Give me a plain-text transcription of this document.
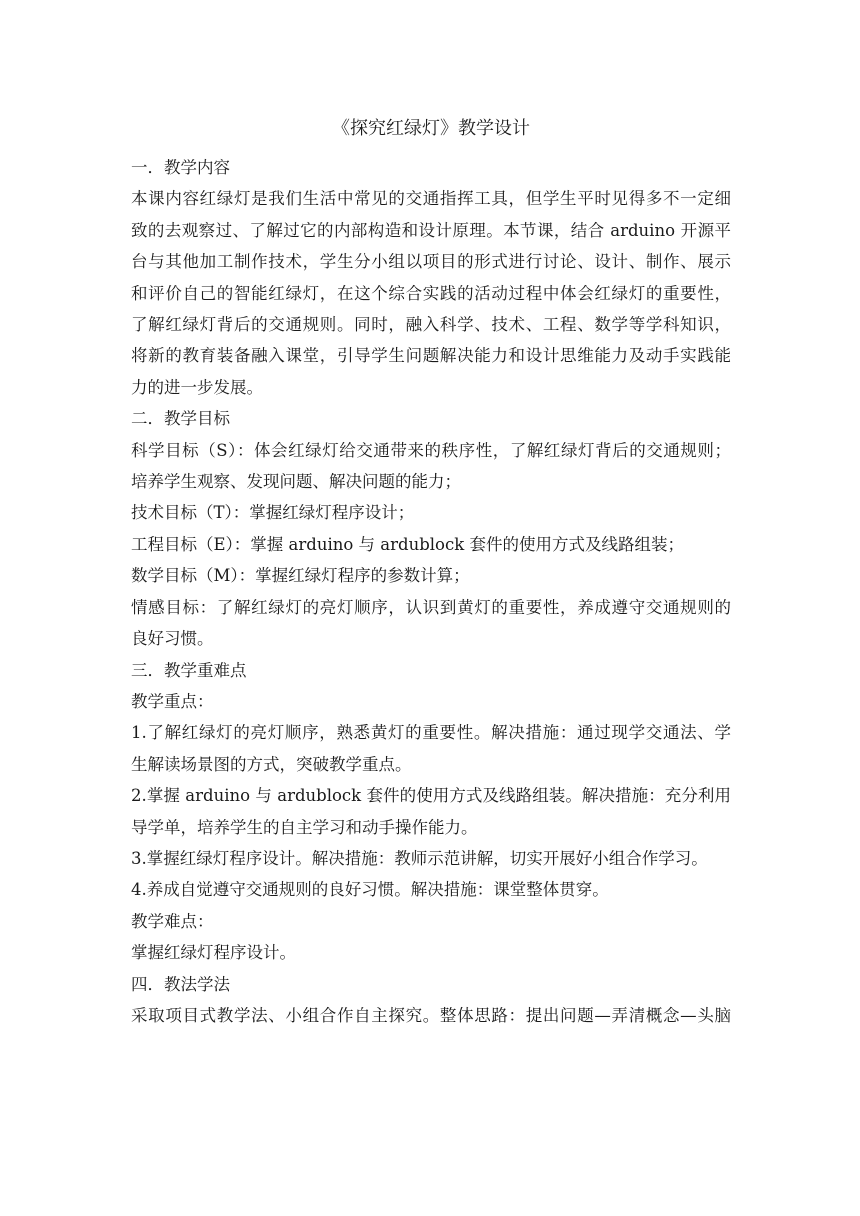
《探究红绿灯》教学设计
一．教学内容
本课内容红绿灯是我们生活中常见的交通指挥工具，但学生平时见得多不一定细
致的去观察过、了解过它的内部构造和设计原理。本节课，结合 arduino 开源平
台与其他加工制作技术，学生分小组以项目的形式进行讨论、设计、制作、展示
和评价自己的智能红绿灯，在这个综合实践的活动过程中体会红绿灯的重要性，
了解红绿灯背后的交通规则。同时，融入科学、技术、工程、数学等学科知识，
将新的教育装备融入课堂，引导学生问题解决能力和设计思维能力及动手实践能
力的进一步发展。
二．教学目标
科学目标（S）：体会红绿灯给交通带来的秩序性，了解红绿灯背后的交通规则；
培养学生观察、发现问题、解决问题的能力；
技术目标（T）：掌握红绿灯程序设计；
工程目标（E）：掌握 arduino 与 ardublock 套件的使用方式及线路组装；
数学目标（M）：掌握红绿灯程序的参数计算；
情感目标：了解红绿灯的亮灯顺序，认识到黄灯的重要性，养成遵守交通规则的
良好习惯。
三．教学重难点
教学重点：
1.了解红绿灯的亮灯顺序，熟悉黄灯的重要性。解决措施：通过现学交通法、学
生解读场景图的方式，突破教学重点。
2.掌握 arduino 与 ardublock 套件的使用方式及线路组装。解决措施：充分利用
导学单，培养学生的自主学习和动手操作能力。
3.掌握红绿灯程序设计。解决措施：教师示范讲解，切实开展好小组合作学习。
4.养成自觉遵守交通规则的良好习惯。解决措施：课堂整体贯穿。
教学难点：
掌握红绿灯程序设计。
四．教法学法
采取项目式教学法、小组合作自主探究。整体思路：提出问题—弄清概念—头脑
